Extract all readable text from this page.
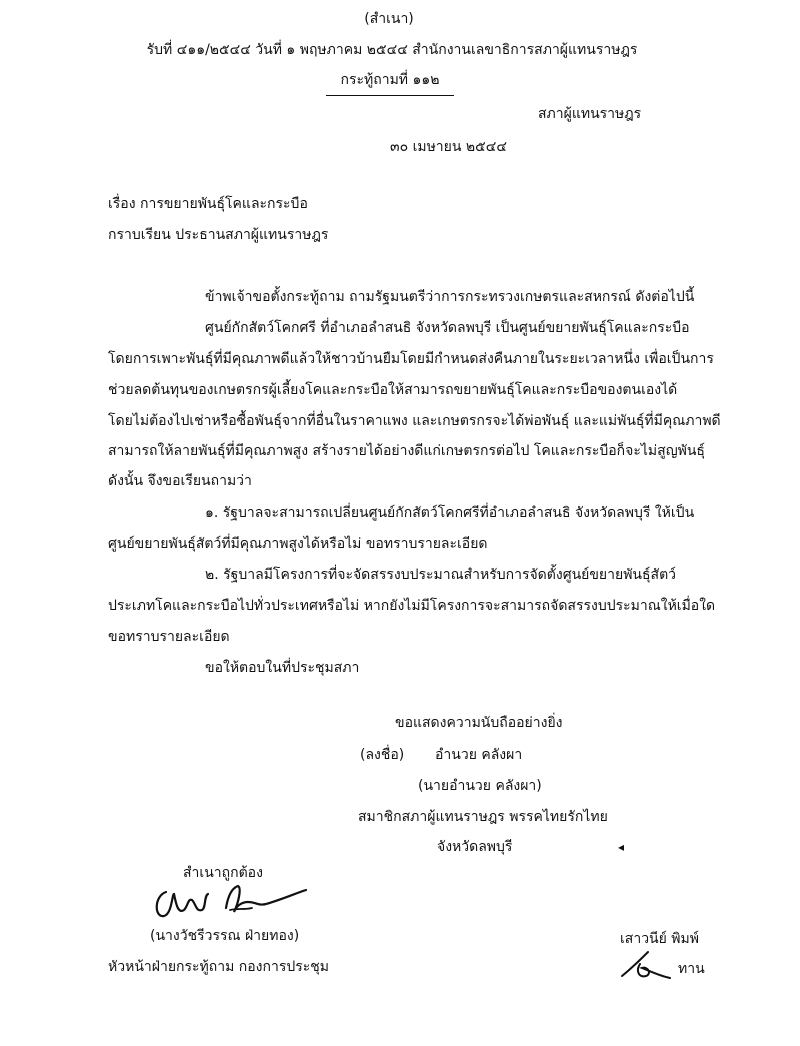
(สำเนา)
รับที่ ๔๑๑/๒๕๔๔ วันที่ ๑ พฤษภาคม ๒๕๔๔ สำนักงานเลขาธิการสภาผู้แทนราษฎร
กระทู้ถามที่ ๑๑๒
สภาผู้แทนราษฎร
๓๐ เมษายน ๒๕๔๔
เรื่อง การขยายพันธุ์โคและกระบือ
กราบเรียน ประธานสภาผู้แทนราษฎร
ข้าพเจ้าขอตั้งกระทู้ถาม ถามรัฐมนตรีว่าการกระทรวงเกษตรและสหกรณ์ ดังต่อไปนี้
ศูนย์กักสัตว์โคกศรี ที่อำเภอลำสนธิ จังหวัดลพบุรี เป็นศูนย์ขยายพันธุ์โคและกระบือ
โดยการเพาะพันธุ์ที่มีคุณภาพดีแล้วให้ชาวบ้านยืมโดยมีกำหนดส่งคืนภายในระยะเวลาหนึ่ง เพื่อเป็นการ
ช่วยลดต้นทุนของเกษตรกรผู้เลี้ยงโคและกระบือให้สามารถขยายพันธุ์โคและกระบือของตนเองได้
โดยไม่ต้องไปเช่าหรือซื้อพันธุ์จากที่อื่นในราคาแพง และเกษตรกรจะได้พ่อพันธุ์ และแม่พันธุ์ที่มีคุณภาพดี
สามารถให้ลายพันธุ์ที่มีคุณภาพสูง สร้างรายได้อย่างดีแก่เกษตรกรต่อไป โคและกระบือก็จะไม่สูญพันธุ์
ดังนั้น จึงขอเรียนถามว่า
๑. รัฐบาลจะสามารถเปลี่ยนศูนย์กักสัตว์โคกศรีที่อำเภอลำสนธิ จังหวัดลพบุรี ให้เป็น
ศูนย์ขยายพันธุ์สัตว์ที่มีคุณภาพสูงได้หรือไม่ ขอทราบรายละเอียด
๒. รัฐบาลมีโครงการที่จะจัดสรรงบประมาณสำหรับการจัดตั้งศูนย์ขยายพันธุ์สัตว์
ประเภทโคและกระบือไปทั่วประเทศหรือไม่ หากยังไม่มีโครงการจะสามารถจัดสรรงบประมาณให้เมื่อใด
ขอทราบรายละเอียด
ขอให้ตอบในที่ประชุมสภา
ขอแสดงความนับถืออย่างยิ่ง
(ลงชื่อ) อำนวย คลังผา
(นายอำนวย คลังผา)
สมาชิกสภาผู้แทนราษฎร พรรคไทยรักไทย
จังหวัดลพบุรี	◂
สำเนาถูกต้อง
(นางวัชรีวรรณ ฝ่ายทอง)
หัวหน้าฝ่ายกระทู้ถาม กองการประชุม
เสาวนีย์ พิมพ์
ทาน
